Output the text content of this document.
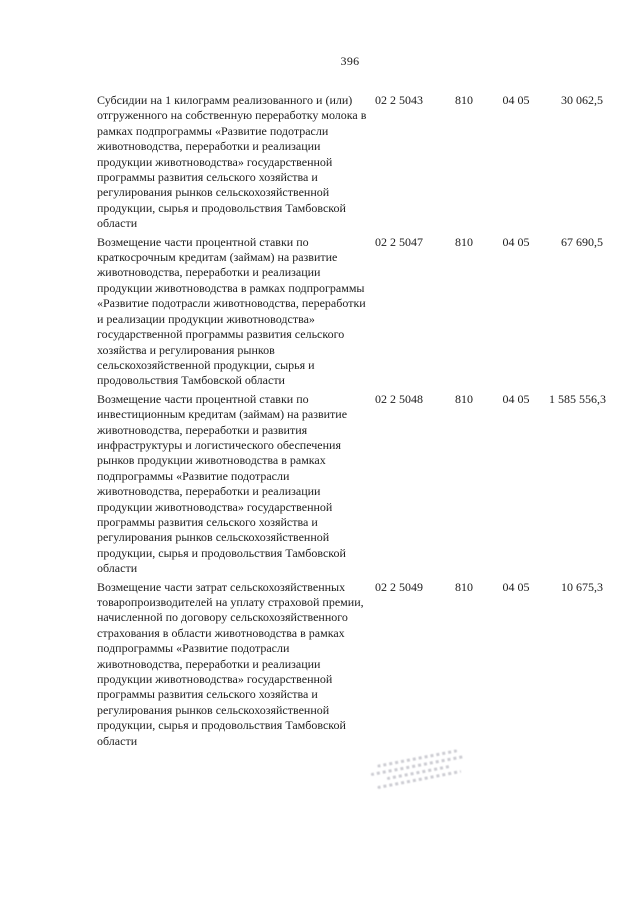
396
Субсидии на 1 килограмм реализованного и (или) отгруженного на собственную переработку молока в рамках подпрограммы «Развитие подотрасли животноводства, переработки и реализации продукции животноводства» государственной программы развития сельского хозяйства и регулирования рынков сельскохозяйственной продукции, сырья и продовольствия Тамбовской области
02 2 5043	810	04 05	30 062,5
Возмещение части процентной ставки по краткосрочным кредитам (займам) на развитие животноводства, переработки и реализации продукции животноводства в рамках подпрограммы «Развитие подотрасли животноводства, переработки и реализации продукции животноводства» государственной программы развития сельского хозяйства и регулирования рынков сельскохозяйственной продукции, сырья и продовольствия Тамбовской области
02 2 5047	810	04 05	67 690,5
Возмещение части процентной ставки по инвестиционным кредитам (займам) на развитие животноводства, переработки и развития инфраструктуры и логистического обеспечения рынков продукции животноводства в рамках подпрограммы «Развитие подотрасли животноводства, переработки и реализации продукции животноводства» государственной программы развития сельского хозяйства и регулирования рынков сельскохозяйственной продукции, сырья и продовольствия Тамбовской области
02 2 5048	810	04 05	1 585 556,3
Возмещение части затрат сельскохозяйственных товаропроизводителей на уплату страховой премии, начисленной по договору сельскохозяйственного страхования в области животноводства в рамках подпрограммы «Развитие подотрасли животноводства, переработки и реализации продукции животноводства» государственной программы развития сельского хозяйства и регулирования рынков сельскохозяйственной продукции, сырья и продовольствия Тамбовской области
02 2 5049	810	04 05	10 675,3
